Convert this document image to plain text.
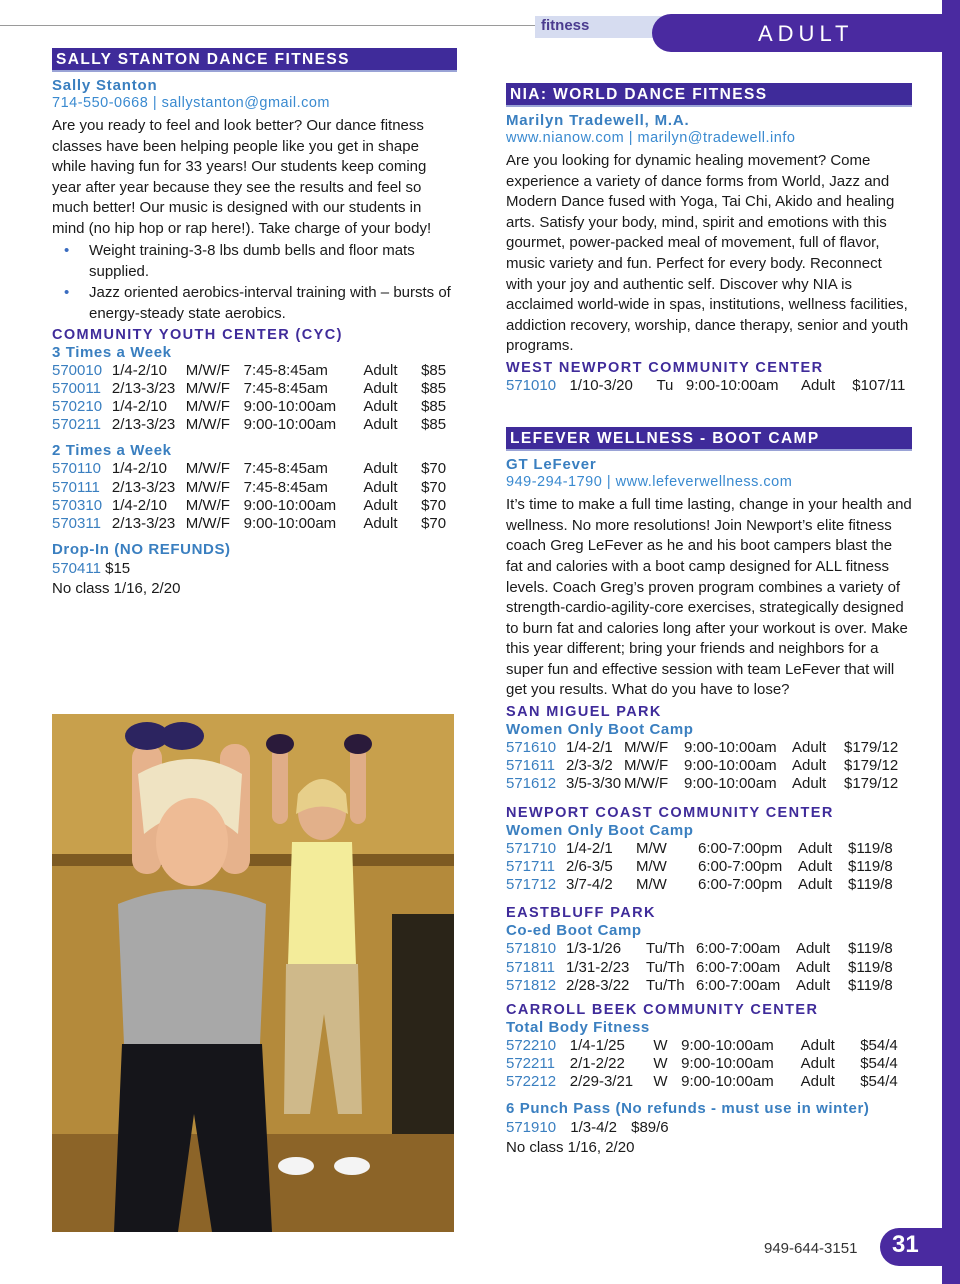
fitness	ADULT
SALLY STANTON DANCE FITNESS
Sally Stanton
714-550-0668 | sallystanton@gmail.com
Are you ready to feel and look better? Our dance fitness classes have been helping people like you get in shape while having fun for 33 years! Our students keep coming year after year because they see the results and feel so much better! Our music is designed with our students in mind (no hip hop or rap here!). Take charge of your body!
• Weight training-3-8 lbs dumb bells and floor mats supplied.
• Jazz oriented aerobics-interval training with – bursts of energy-steady state aerobics.
COMMUNITY YOUTH CENTER (CYC)
3 Times a Week
570010	1/4-2/10	M/W/F	7:45-8:45am	Adult	$85
570011	2/13-3/23	M/W/F	7:45-8:45am	Adult	$85
570210	1/4-2/10	M/W/F	9:00-10:00am	Adult	$85
570211	2/13-3/23	M/W/F	9:00-10:00am	Adult	$85
2 Times a Week
570110	1/4-2/10	M/W/F	7:45-8:45am	Adult	$70
570111	2/13-3/23	M/W/F	7:45-8:45am	Adult	$70
570310	1/4-2/10	M/W/F	9:00-10:00am	Adult	$70
570311	2/13-3/23	M/W/F	9:00-10:00am	Adult	$70
Drop-In (NO REFUNDS)
570411 $15
No class 1/16, 2/20
NIA: WORLD DANCE FITNESS
Marilyn Tradewell, M.A.
www.nianow.com | marilyn@tradewell.info
Are you looking for dynamic healing movement? Come experience a variety of dance forms from World, Jazz and Modern Dance fused with Yoga, Tai Chi, Akido and healing arts. Satisfy your body, mind, spirit and emotions with this gourmet, power-packed meal of movement, full of flavor, music variety and fun. Perfect for every body. Reconnect with your joy and authentic self. Discover why NIA is acclaimed world-wide in spas, institutions, wellness facilities, addiction recovery, worship, dance therapy, senior and youth programs.
WEST NEWPORT COMMUNITY CENTER
571010	1/10-3/20	Tu	9:00-10:00am	Adult	$107/11
LEFEVER WELLNESS - BOOT CAMP
GT LeFever
949-294-1790 | www.lefeverwellness.com
It’s time to make a full time lasting, change in your health and wellness. No more resolutions! Join Newport’s elite fitness coach Greg LeFever as he and his boot campers blast the fat and calories with a boot camp designed for ALL fitness levels. Coach Greg’s proven program combines a variety of strength-cardio-agility-core exercises, strategically designed to burn fat and calories long after your workout is over. Make this year different; bring your friends and neighbors for a super fun and effective session with team LeFever that will get you results. What do you have to lose?
SAN MIGUEL PARK
Women Only Boot Camp
571610	1/4-2/1	M/W/F	9:00-10:00am	Adult	$179/12
571611	2/3-3/2	M/W/F	9:00-10:00am	Adult	$179/12
571612	3/5-3/30	M/W/F	9:00-10:00am	Adult	$179/12
NEWPORT COAST COMMUNITY CENTER
Women Only Boot Camp
571710	1/4-2/1	M/W	6:00-7:00pm	Adult	$119/8
571711	2/6-3/5	M/W	6:00-7:00pm	Adult	$119/8
571712	3/7-4/2	M/W	6:00-7:00pm	Adult	$119/8
EASTBLUFF PARK
Co-ed Boot Camp
571810	1/3-1/26	Tu/Th	6:00-7:00am	Adult	$119/8
571811	1/31-2/23	Tu/Th	6:00-7:00am	Adult	$119/8
571812	2/28-3/22	Tu/Th	6:00-7:00am	Adult	$119/8
CARROLL BEEK COMMUNITY CENTER
Total Body Fitness
572210	1/4-1/25	W	9:00-10:00am	Adult	$54/4
572211	2/1-2/22	W	9:00-10:00am	Adult	$54/4
572212	2/29-3/21	W	9:00-10:00am	Adult	$54/4
6 Punch Pass (No refunds - must use in winter)
571910 1/3-4/2 $89/6
No class 1/16, 2/20
949-644-3151 31
